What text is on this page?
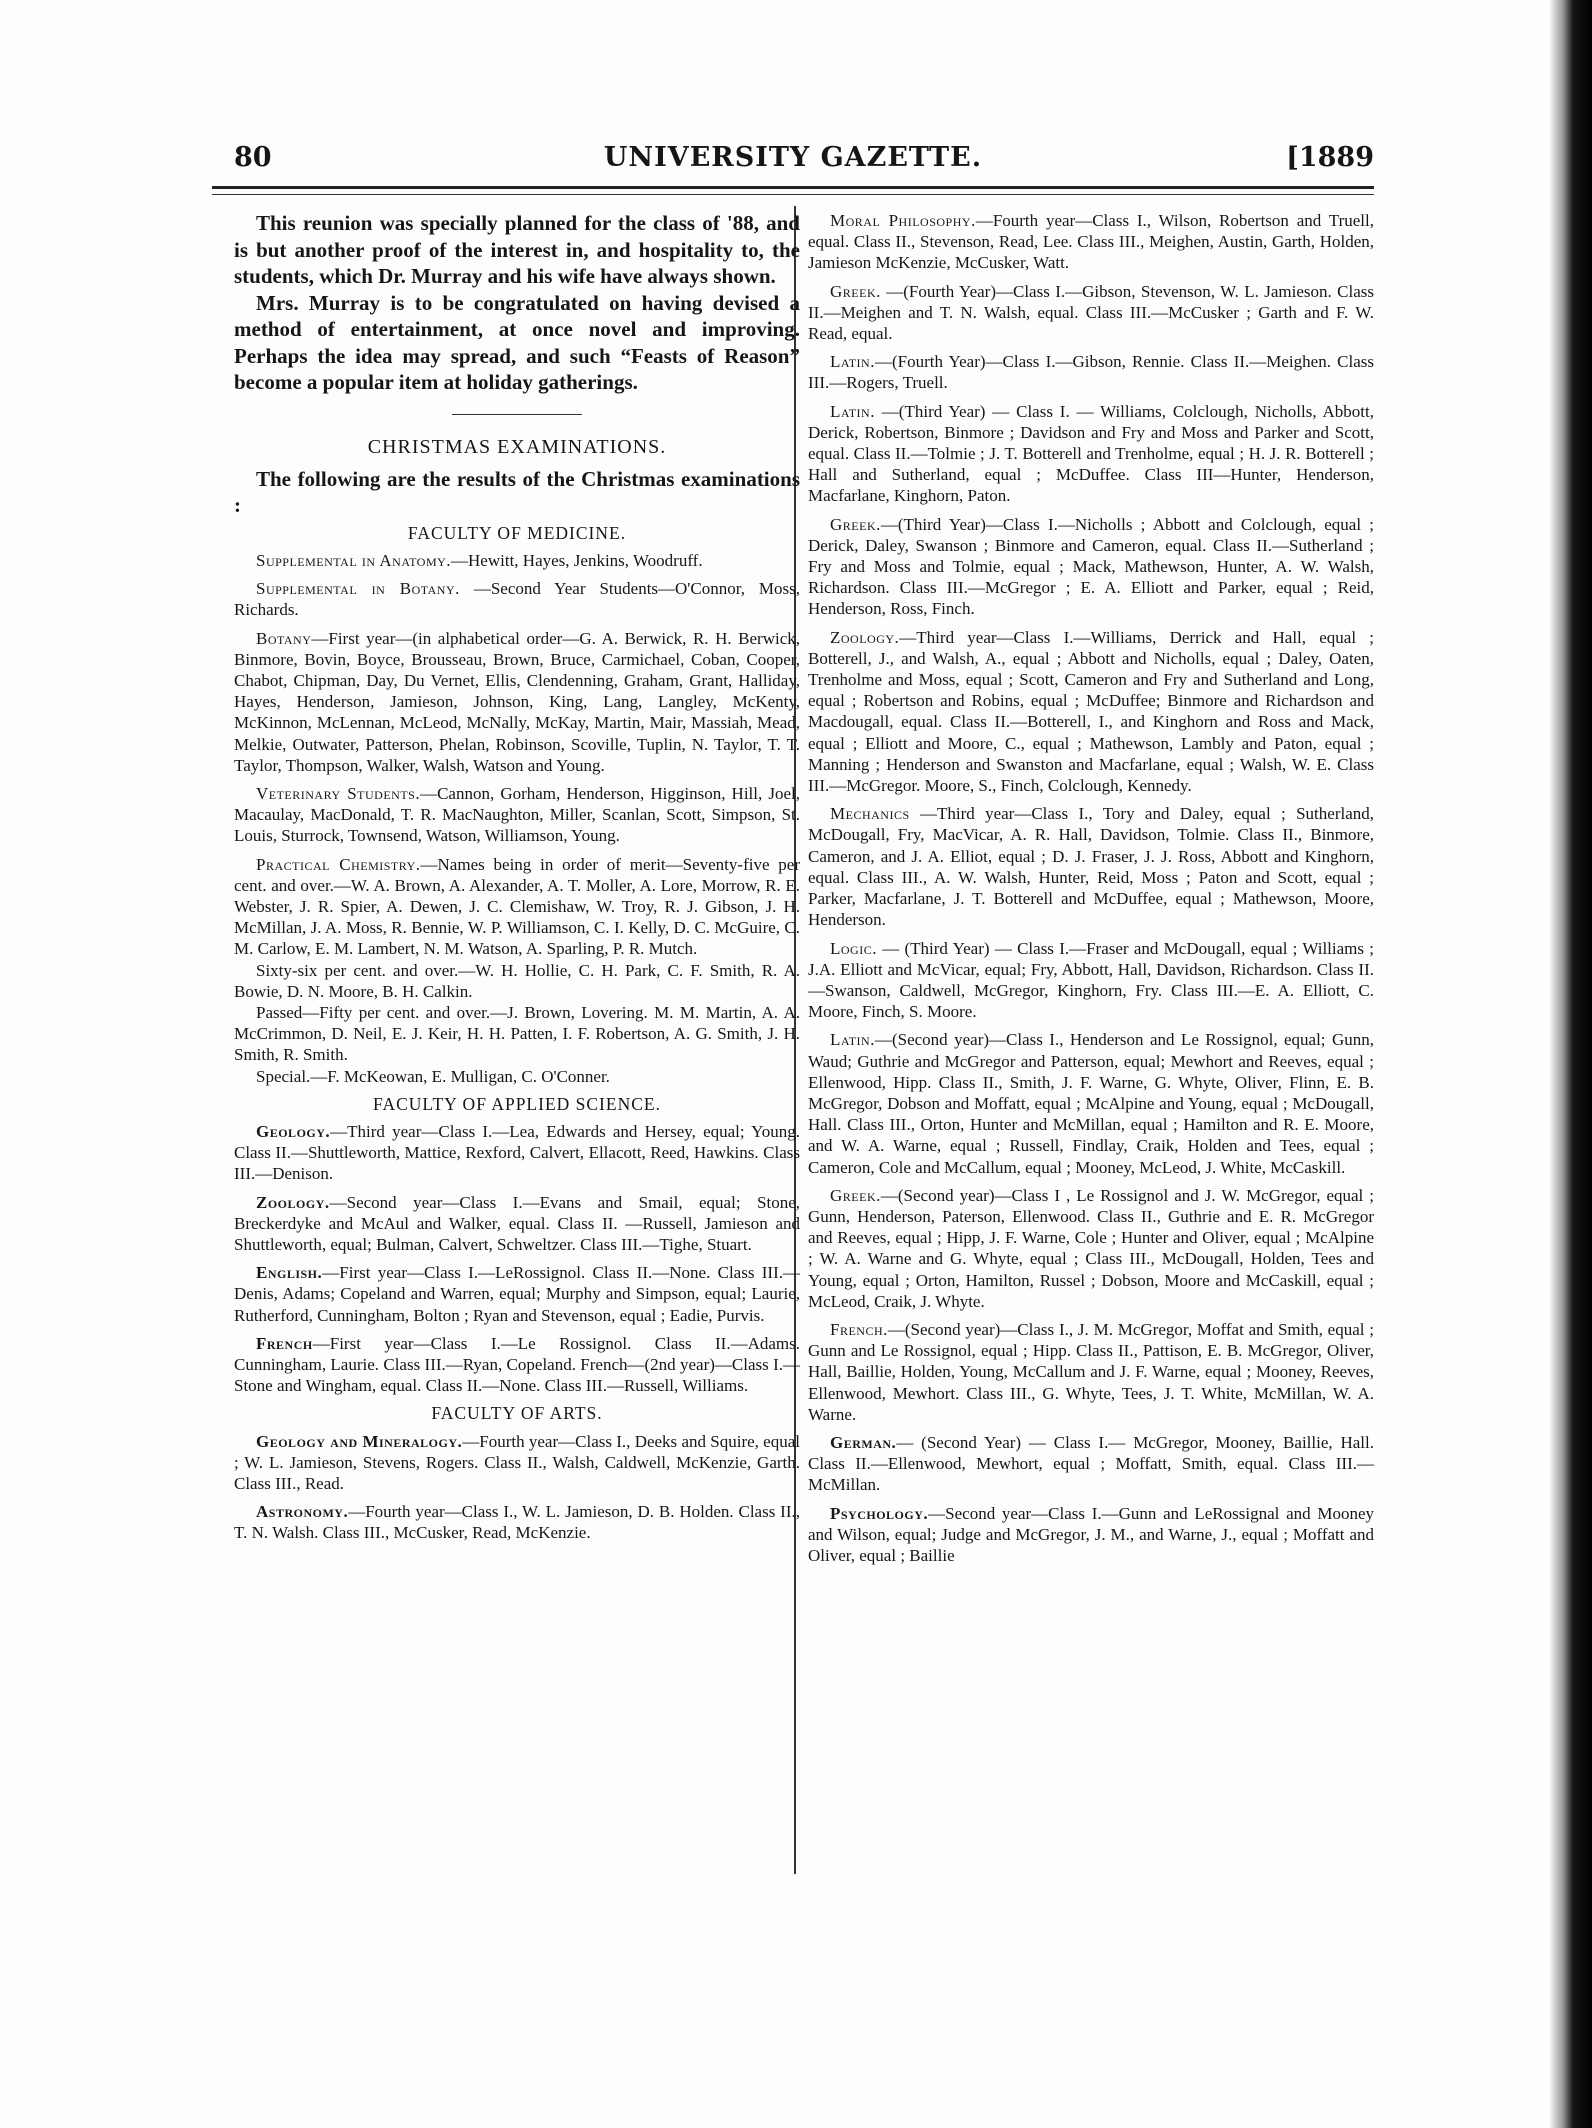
80	UNIVERSITY GAZETTE.	[1889

This reunion was specially planned for the class of '88, and is but another proof of the interest in, and hospitality to, the students, which Dr. Murray and his wife have always shown.

Mrs. Murray is to be congratulated on having devised a method of entertainment, at once novel and improving. Perhaps the idea may spread, and such “Feasts of Reason” become a popular item at holiday gatherings.

CHRISTMAS EXAMINATIONS.

The following are the results of the Christmas examinations :

FACULTY OF MEDICINE.

Supplemental in Anatomy.—Hewitt, Hayes, Jenkins, Woodruff.

Supplemental in Botany. —Second Year Students—O'Connor, Moss, Richards.

Botany—First year—(in alphabetical order—G. A. Berwick, R. H. Berwick, Binmore, Bovin, Boyce, Brousseau, Brown, Bruce, Carmichael, Coban, Cooper, Chabot, Chipman, Day, Du Vernet, Ellis, Clendenning, Graham, Grant, Halliday, Hayes, Henderson, Jamieson, Johnson, King, Lang, Langley, McKenty, McKinnon, McLennan, McLeod, McNally, McKay, Martin, Mair, Massiah, Mead, Melkie, Outwater, Patterson, Phelan, Robinson, Scoville, Tuplin, N. Taylor, T. T. Taylor, Thompson, Walker, Walsh, Watson and Young.

Veterinary Students.—Cannon, Gorham, Henderson, Higginson, Hill, Joel, Macaulay, MacDonald, T. R. MacNaughton, Miller, Scanlan, Scott, Simpson, St. Louis, Sturrock, Townsend, Watson, Williamson, Young.

Practical Chemistry.—Names being in order of merit—Seventy-five per cent. and over.—W. A. Brown, A. Alexander, A. T. Moller, A. Lore, Morrow, R. E. Webster, J. R. Spier, A. Dewen, J. C. Clemishaw, W. Troy, R. J. Gibson, J. H. McMillan, J. A. Moss, R. Bennie, W. P. Williamson, C. I. Kelly, D. C. McGuire, C. M. Carlow, E. M. Lambert, N. M. Watson, A. Sparling, P. R. Mutch.

Sixty-six per cent. and over.—W. H. Hollie, C. H. Park, C. F. Smith, R. A. Bowie, D. N. Moore, B. H. Calkin.

Passed—Fifty per cent. and over.—J. Brown, Lovering. M. M. Martin, A. A. McCrimmon, D. Neil, E. J. Keir, H. H. Patten, I. F. Robertson, A. G. Smith, J. H. Smith, R. Smith.

Special.—F. McKeowan, E. Mulligan, C. O'Conner.

FACULTY OF APPLIED SCIENCE.

Geology.—Third year—Class I.—Lea, Edwards and Hersey, equal; Young. Class II.—Shuttleworth, Mattice, Rexford, Calvert, Ellacott, Reed, Hawkins. Class III.—Denison.

Zoology.—Second year—Class I.—Evans and Smail, equal; Stone, Breckerdyke and McAul and Walker, equal. Class II. —Russell, Jamieson and Shuttleworth, equal; Bulman, Calvert, Schweltzer. Class III.—Tighe, Stuart.

English.—First year—Class I.—LeRossignol. Class II.—None. Class III.—Denis, Adams; Copeland and Warren, equal; Murphy and Simpson, equal; Laurie, Rutherford, Cunningham, Bolton ; Ryan and Stevenson, equal ; Eadie, Purvis.

French—First year—Class I.—Le Rossignol. Class II.—Adams. Cunningham, Laurie. Class III.—Ryan, Copeland. French—(2nd year)—Class I.—Stone and Wingham, equal. Class II.—None. Class III.—Russell, Williams.

FACULTY OF ARTS.

Geology and Mineralogy.—Fourth year—Class I., Deeks and Squire, equal ; W. L. Jamieson, Stevens, Rogers. Class II., Walsh, Caldwell, McKenzie, Garth. Class III., Read.

Astronomy.—Fourth year—Class I., W. L. Jamieson, D. B. Holden. Class II., T. N. Walsh. Class III., McCusker, Read, McKenzie.

Moral Philosophy.—Fourth year—Class I., Wilson, Robertson and Truell, equal. Class II., Stevenson, Read, Lee. Class III., Meighen, Austin, Garth, Holden, Jamieson McKenzie, McCusker, Watt.

Greek. —(Fourth Year)—Class I.—Gibson, Stevenson, W. L. Jamieson. Class II.—Meighen and T. N. Walsh, equal. Class III.—McCusker ; Garth and F. W. Read, equal.

Latin.—(Fourth Year)—Class I.—Gibson, Rennie. Class II.—Meighen. Class III.—Rogers, Truell.

Latin. —(Third Year) — Class I. — Williams, Colclough, Nicholls, Abbott, Derick, Robertson, Binmore ; Davidson and Fry and Moss and Parker and Scott, equal. Class II.—Tolmie ; J. T. Botterell and Trenholme, equal ; H. J. R. Botterell ; Hall and Sutherland, equal ; McDuffee. Class III—Hunter, Henderson, Macfarlane, Kinghorn, Paton.

Greek.—(Third Year)—Class I.—Nicholls ; Abbott and Colclough, equal ; Derick, Daley, Swanson ; Binmore and Cameron, equal. Class II.—Sutherland ; Fry and Moss and Tolmie, equal ; Mack, Mathewson, Hunter, A. W. Walsh, Richardson. Class III.—McGregor ; E. A. Elliott and Parker, equal ; Reid, Henderson, Ross, Finch.

Zoology.—Third year—Class I.—Williams, Derrick and Hall, equal ; Botterell, J., and Walsh, A., equal ; Abbott and Nicholls, equal ; Daley, Oaten, Trenholme and Moss, equal ; Scott, Cameron and Fry and Sutherland and Long, equal ; Robertson and Robins, equal ; McDuffee; Binmore and Richardson and Macdougall, equal. Class II.—Botterell, I., and Kinghorn and Ross and Mack, equal ; Elliott and Moore, C., equal ; Mathewson, Lambly and Paton, equal ; Manning ; Henderson and Swanston and Macfarlane, equal ; Walsh, W. E. Class III.—McGregor. Moore, S., Finch, Colclough, Kennedy.

Mechanics —Third year—Class I., Tory and Daley, equal ; Sutherland, McDougall, Fry, MacVicar, A. R. Hall, Davidson, Tolmie. Class II., Binmore, Cameron, and J. A. Elliot, equal ; D. J. Fraser, J. J. Ross, Abbott and Kinghorn, equal. Class III., A. W. Walsh, Hunter, Reid, Moss ; Paton and Scott, equal ; Parker, Macfarlane, J. T. Botterell and McDuffee, equal ; Mathewson, Moore, Henderson.

Logic. — (Third Year) — Class I.—Fraser and McDougall, equal ; Williams ; J.A. Elliott and McVicar, equal; Fry, Abbott, Hall, Davidson, Richardson. Class II.—Swanson, Caldwell, McGregor, Kinghorn, Fry. Class III.—E. A. Elliott, C. Moore, Finch, S. Moore.

Latin.—(Second year)—Class I., Henderson and Le Rossignol, equal; Gunn, Waud; Guthrie and McGregor and Patterson, equal; Mewhort and Reeves, equal ; Ellenwood, Hipp. Class II., Smith, J. F. Warne, G. Whyte, Oliver, Flinn, E. B. McGregor, Dobson and Moffatt, equal ; McAlpine and Young, equal ; McDougall, Hall. Class III., Orton, Hunter and McMillan, equal ; Hamilton and R. E. Moore, and W. A. Warne, equal ; Russell, Findlay, Craik, Holden and Tees, equal ; Cameron, Cole and McCallum, equal ; Mooney, McLeod, J. White, McCaskill.

Greek.—(Second year)—Class I , Le Rossignol and J. W. McGregor, equal ; Gunn, Henderson, Paterson, Ellenwood. Class II., Guthrie and E. R. McGregor and Reeves, equal ; Hipp, J. F. Warne, Cole ; Hunter and Oliver, equal ; McAlpine ; W. A. Warne and G. Whyte, equal ; Class III., McDougall, Holden, Tees and Young, equal ; Orton, Hamilton, Russel ; Dobson, Moore and McCaskill, equal ; McLeod, Craik, J. Whyte.

French.—(Second year)—Class I., J. M. McGregor, Moffat and Smith, equal ; Gunn and Le Rossignol, equal ; Hipp. Class II., Pattison, E. B. McGregor, Oliver, Hall, Baillie, Holden, Young, McCallum and J. F. Warne, equal ; Mooney, Reeves, Ellenwood, Mewhort. Class III., G. Whyte, Tees, J. T. White, McMillan, W. A. Warne.

German.— (Second Year) — Class I.— McGregor, Mooney, Baillie, Hall. Class II.—Ellenwood, Mewhort, equal ; Moffatt, Smith, equal. Class III.—McMillan.

Psychology.—Second year—Class I.—Gunn and LeRossignal and Mooney and Wilson, equal; Judge and McGregor, J. M., and Warne, J., equal ; Moffatt and Oliver, equal ; Baillie
